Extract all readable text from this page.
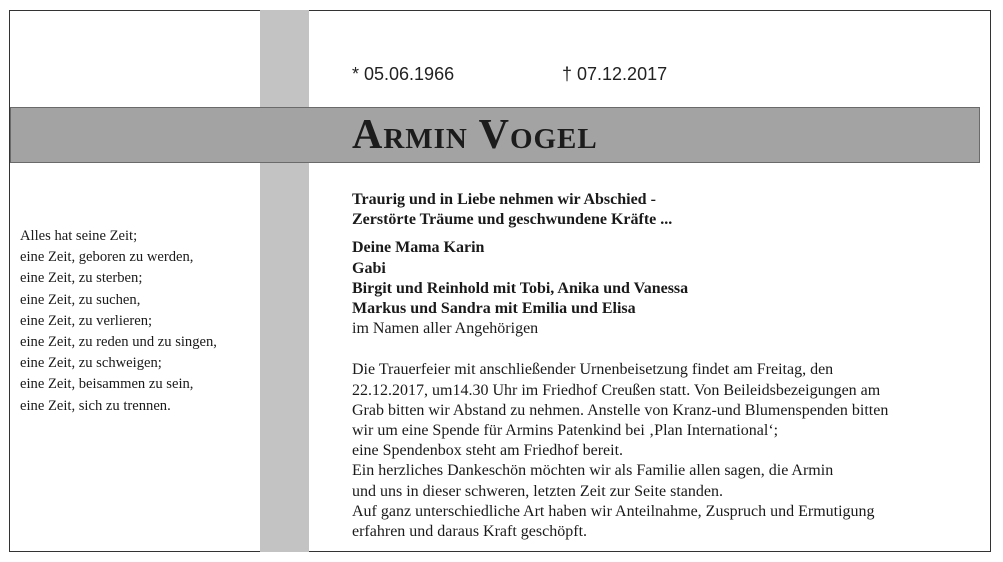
* 05.06.1966	† 07.12.2017
Armin Vogel
Alles hat seine Zeit;
eine Zeit, geboren zu werden,
eine Zeit, zu sterben;
eine Zeit, zu suchen,
eine Zeit, zu verlieren;
eine Zeit, zu reden und zu singen,
eine Zeit, zu schweigen;
eine Zeit, beisammen zu sein,
eine Zeit, sich zu trennen.
Traurig und in Liebe nehmen wir Abschied -
Zerstörte Träume und geschwundene Kräfte ...
Deine Mama Karin
Gabi
Birgit und Reinhold mit Tobi, Anika und Vanessa
Markus und Sandra mit Emilia und Elisa
im Namen aller Angehörigen
Die Trauerfeier mit anschließender Urnenbeisetzung findet am Freitag, den
22.12.2017, um14.30 Uhr im Friedhof Creußen statt. Von Beileidsbezeigungen am
Grab bitten wir Abstand zu nehmen. Anstelle von Kranz-und Blumenspenden bitten
wir um eine Spende für Armins Patenkind bei ‚Plan International‘;
eine Spendenbox steht am Friedhof bereit.
Ein herzliches Dankeschön möchten wir als Familie allen sagen, die Armin
und uns in dieser schweren, letzten Zeit zur Seite standen.
Auf ganz unterschiedliche Art haben wir Anteilnahme, Zuspruch und Ermutigung
erfahren und daraus Kraft geschöpft.
